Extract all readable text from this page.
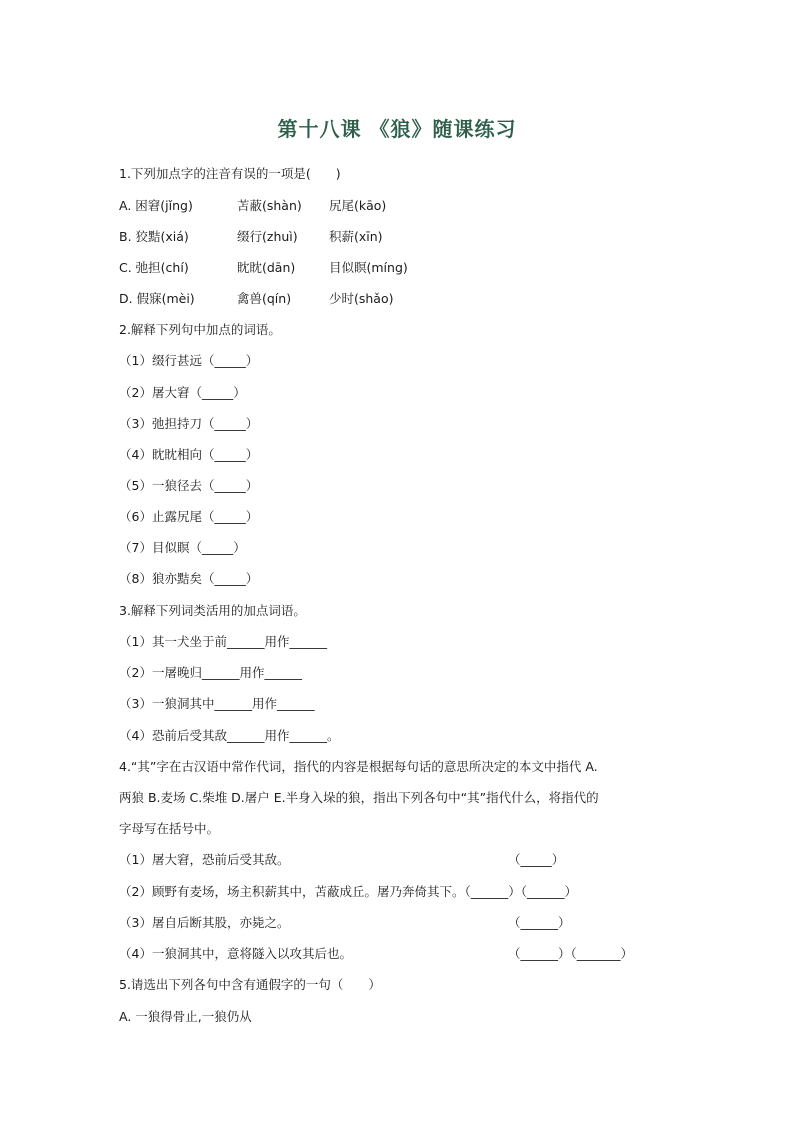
第十八课 《狼》随课练习
1.下列加点字的注音有误的一项是(　　)
A. 困窘(jǐng)	苫蔽(shàn) 尻尾(kāo)
B. 狡黠(xiá)	缀行(zhuì)	积薪(xīn)
C. 弛担(chí)	眈眈(dān)	目似瞑(míng)
D. 假寐(mèi)	禽兽(qín)	少时(shǎo)
2.解释下列句中加点的词语。
（1）缀行甚远（_____）
（2）屠大窘（_____）
（3）弛担持刀（_____）
（4）眈眈相向（_____）
（5）一狼径去（_____）
（6）止露尻尾（_____）
（7）目似瞑（_____）
（8）狼亦黠矣（_____）
3.解释下列词类活用的加点词语。
（1）其一犬坐于前______用作______
（2）一屠晚归______用作______
（3）一狼洞其中______用作______
（4）恐前后受其敌______用作______。
4.“其”字在古汉语中常作代词，指代的内容是根据每句话的意思所决定的本文中指代 A.
两狼 B.麦场 C.柴堆 D.屠户 E.半身入垛的狼，指出下列各句中“其”指代什么，将指代的
字母写在括号中。
（1）屠大窘，恐前后受其敌。	（_____）
（2）顾野有麦场，场主积薪其中，苫蔽成丘。屠乃奔倚其下。（______）（______）
（3）屠自后断其股，亦毙之。	（______）
（4）一狼洞其中，意将隧入以攻其后也。	（______）（_______）
5.请选出下列各句中含有通假字的一句（　　）
A. 一狼得骨止,一狼仍从
